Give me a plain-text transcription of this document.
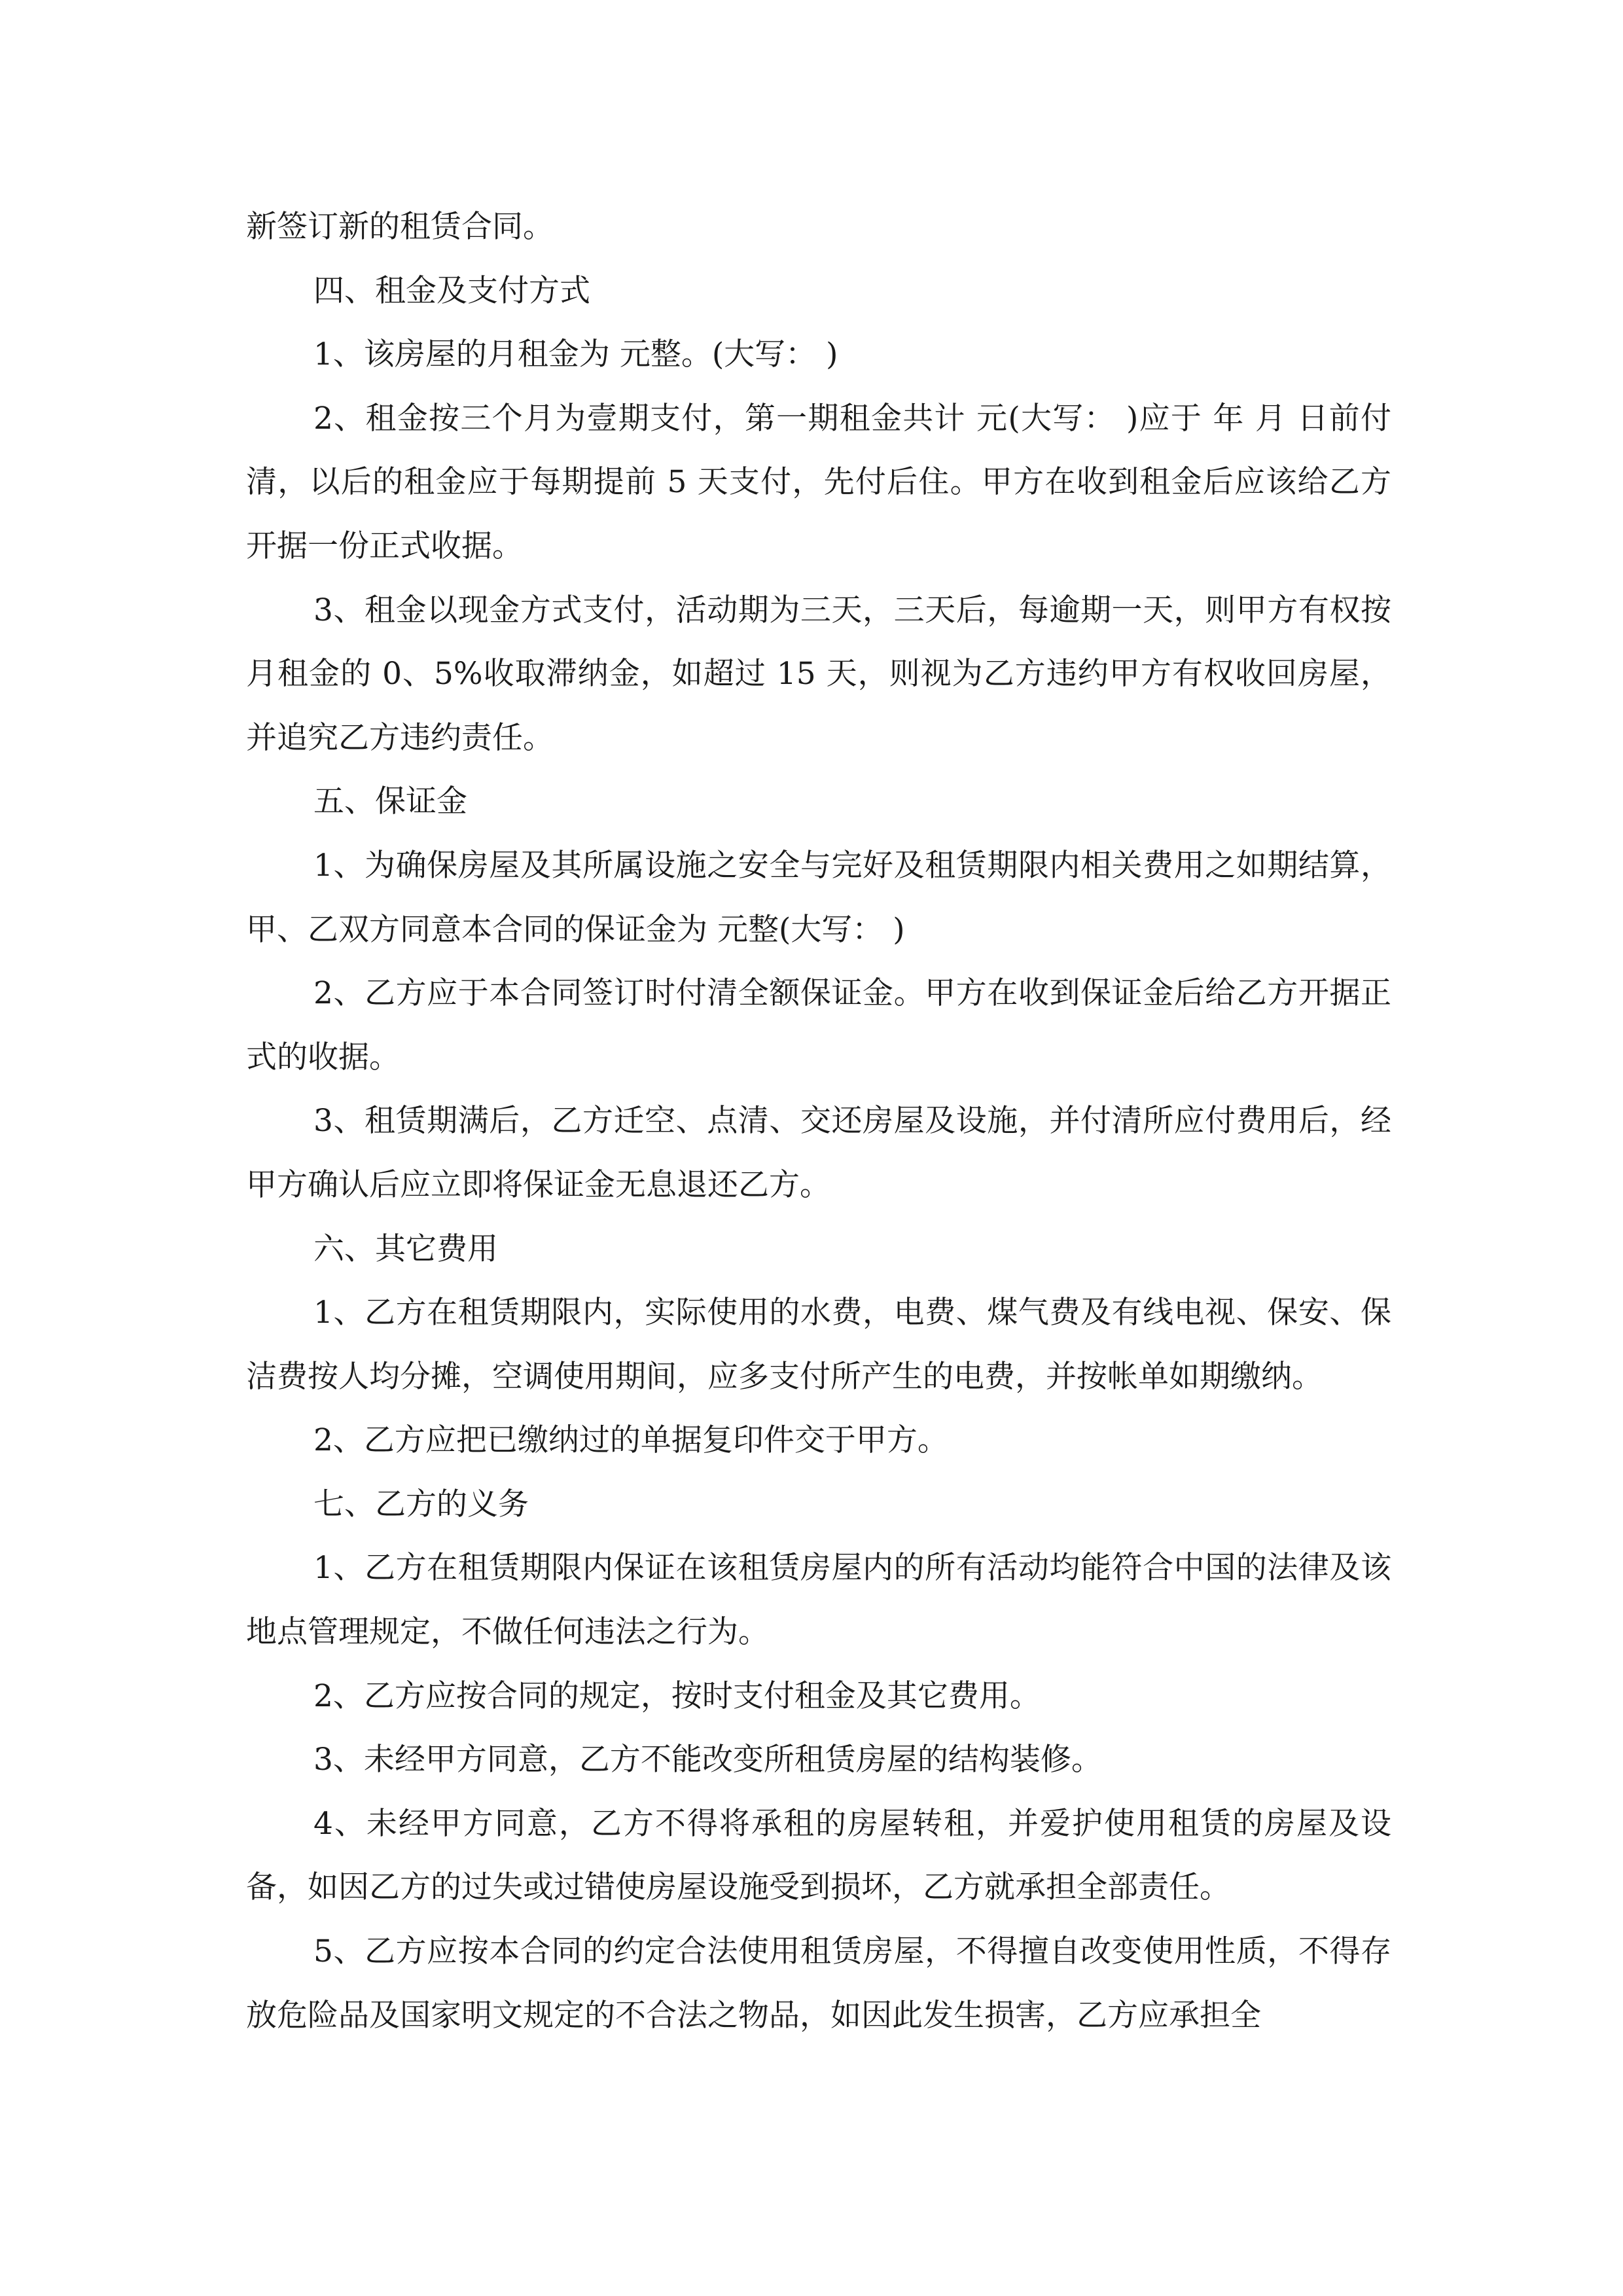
新签订新的租赁合同。

四、租金及支付方式

1、该房屋的月租金为 元整。(大写： )

2、租金按三个月为壹期支付，第一期租金共计 元(大写： )应于 年 月 日前付清，以后的租金应于每期提前 5 天支付，先付后住。甲方在收到租金后应该给乙方开据一份正式收据。

3、租金以现金方式支付，活动期为三天，三天后，每逾期一天，则甲方有权按月租金的 0、5%收取滞纳金，如超过 15 天，则视为乙方违约甲方有权收回房屋，并追究乙方违约责任。

五、保证金

1、为确保房屋及其所属设施之安全与完好及租赁期限内相关费用之如期结算，甲、乙双方同意本合同的保证金为 元整(大写： )

2、乙方应于本合同签订时付清全额保证金。甲方在收到保证金后给乙方开据正式的收据。

3、租赁期满后，乙方迁空、点清、交还房屋及设施，并付清所应付费用后，经甲方确认后应立即将保证金无息退还乙方。

六、其它费用

1、乙方在租赁期限内，实际使用的水费，电费、煤气费及有线电视、保安、保洁费按人均分摊，空调使用期间，应多支付所产生的电费，并按帐单如期缴纳。

2、乙方应把已缴纳过的单据复印件交于甲方。

七、乙方的义务

1、乙方在租赁期限内保证在该租赁房屋内的所有活动均能符合中国的法律及该地点管理规定，不做任何违法之行为。

2、乙方应按合同的规定，按时支付租金及其它费用。

3、未经甲方同意，乙方不能改变所租赁房屋的结构装修。

4、未经甲方同意，乙方不得将承租的房屋转租，并爱护使用租赁的房屋及设备，如因乙方的过失或过错使房屋设施受到损坏，乙方就承担全部责任。

5、乙方应按本合同的约定合法使用租赁房屋，不得擅自改变使用性质，不得存放危险品及国家明文规定的不合法之物品，如因此发生损害，乙方应承担全
